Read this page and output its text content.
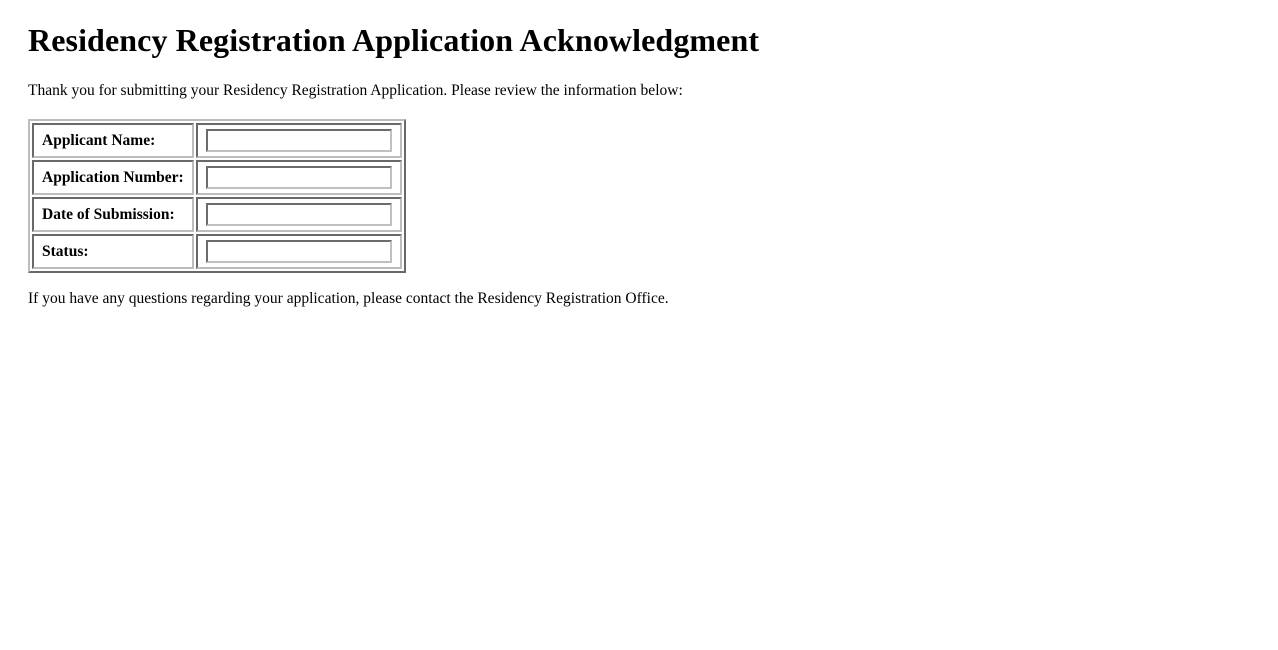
Residency Registration Application Acknowledgment

Thank you for submitting your Residency Registration Application. Please review the information below:

Applicant Name:	
Application Number:	
Date of Submission:	
Status:	

If you have any questions regarding your application, please contact the Residency Registration Office.
